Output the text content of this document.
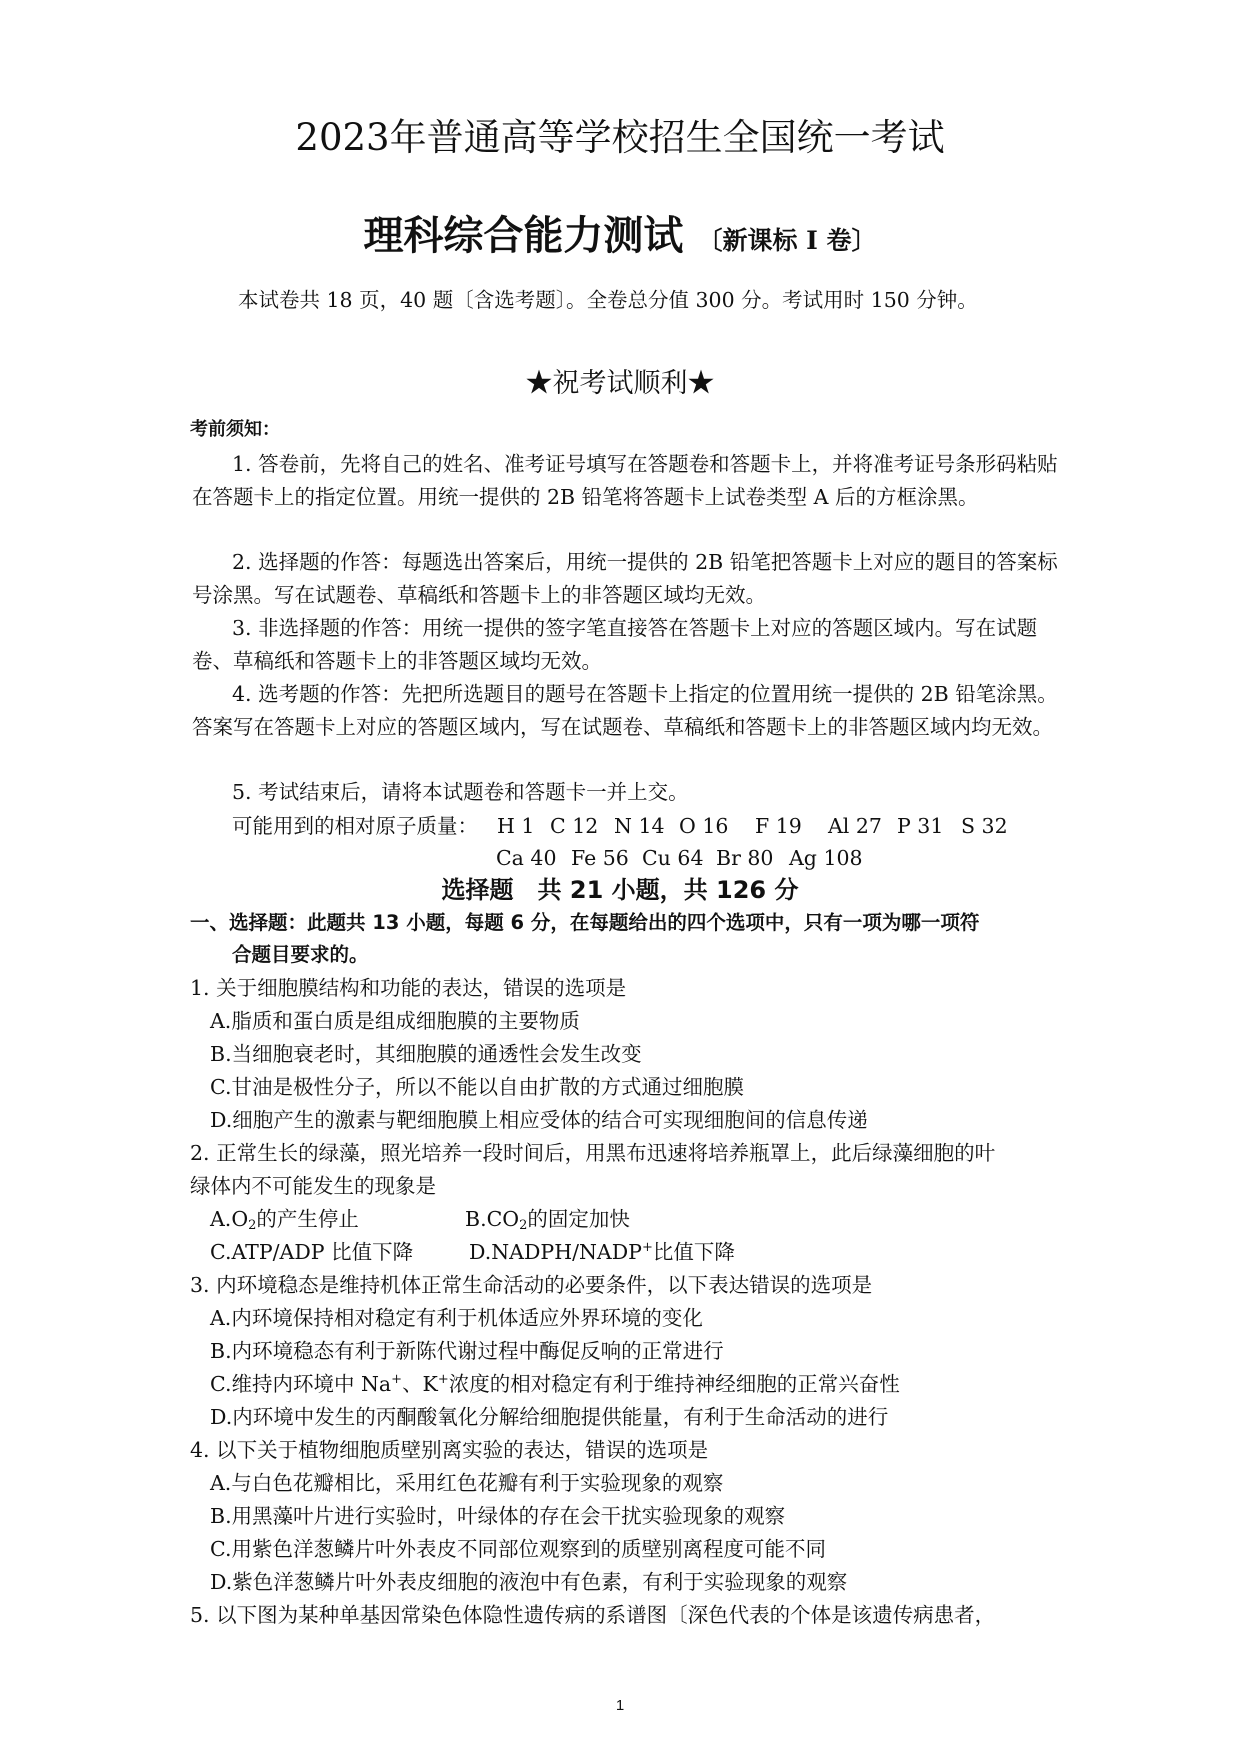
2023年普通高等学校招生全国统一考试
理科综合能力测试 〔新课标 I 卷〕
本试卷共 18 页，40 题〔含选考题〕。全卷总分值 300 分。考试用时 150 分钟。
★祝考试顺利★
考前须知：
1. 答卷前，先将自己的姓名、准考证号填写在答题卷和答题卡上，并将准考证号条形码粘贴在答题卡上的指定位置。用统一提供的 2B 铅笔将答题卡上试卷类型 A 后的方框涂黑。
2. 选择题的作答：每题选出答案后，用统一提供的 2B 铅笔把答题卡上对应的题目的答案标号涂黑。写在试题卷、草稿纸和答题卡上的非答题区域均无效。
3. 非选择题的作答：用统一提供的签字笔直接答在答题卡上对应的答题区域内。写在试题卷、草稿纸和答题卡上的非答题区域均无效。
4. 选考题的作答：先把所选题目的题号在答题卡上指定的位置用统一提供的 2B 铅笔涂黑。答案写在答题卡上对应的答题区域内，写在试题卷、草稿纸和答题卡上的非答题区域内均无效。
5. 考试结束后，请将本试题卷和答题卡一并上交。
可能用到的相对原子质量： H 1 C 12 N 14 O 16 F 19 Al 27 P 31 S 32
Ca 40 Fe 56 Cu 64 Br 80 Ag 108
选择题　共 21 小题，共 126 分
一、选择题：此题共 13 小题，每题 6 分，在每题给出的四个选项中，只有一项为哪一项符
合题目要求的。
1. 关于细胞膜结构和功能的表达，错误的选项是
A.脂质和蛋白质是组成细胞膜的主要物质
B.当细胞衰老时，其细胞膜的通透性会发生改变
C.甘油是极性分子，所以不能以自由扩散的方式通过细胞膜
D.细胞产生的激素与靶细胞膜上相应受体的结合可实现细胞间的信息传递
2. 正常生长的绿藻，照光培养一段时间后，用黑布迅速将培养瓶罩上，此后绿藻细胞的叶
绿体内不可能发生的现象是
$A.O_2$的产生停止	$B.CO_2$的固定加快
C.ATP/ADP 比值下降	D.NADPH/NADP+比值下降
3. 内环境稳态是维持机体正常生命活动的必要条件，以下表达错误的选项是
A.内环境保持相对稳定有利于机体适应外界环境的变化
B.内环境稳态有利于新陈代谢过程中酶促反响的正常进行
C.维持内环境中 Na+、K+浓度的相对稳定有利于维持神经细胞的正常兴奋性
D.内环境中发生的丙酮酸氧化分解给细胞提供能量，有利于生命活动的进行
4. 以下关于植物细胞质壁别离实验的表达，错误的选项是
A.与白色花瓣相比，采用红色花瓣有利于实验现象的观察
B.用黑藻叶片进行实验时，叶绿体的存在会干扰实验现象的观察
C.用紫色洋葱鳞片叶外表皮不同部位观察到的质壁别离程度可能不同
D.紫色洋葱鳞片叶外表皮细胞的液泡中有色素，有利于实验现象的观察
5. 以下图为某种单基因常染色体隐性遗传病的系谱图〔深色代表的个体是该遗传病患者，
1
